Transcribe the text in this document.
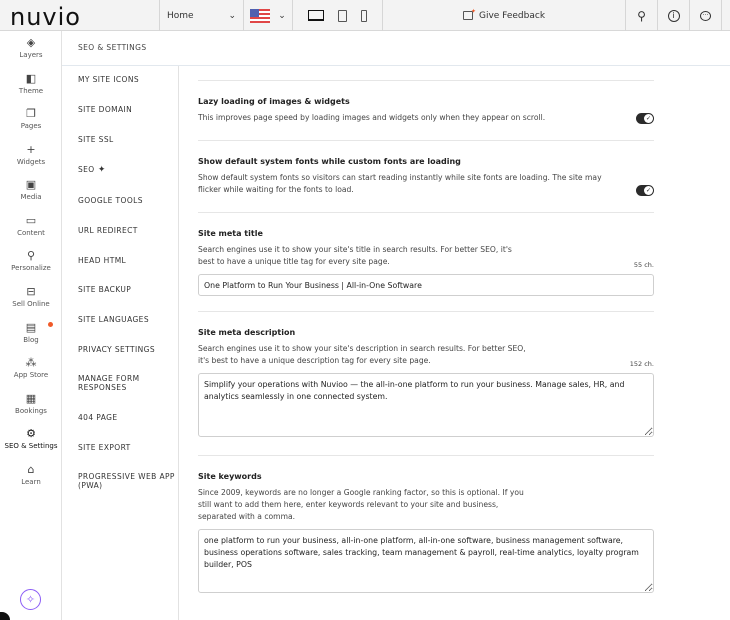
nuvio	Home	⌄	⌄	✦ Give Feedback	⚲	i	···
◈
Layers
◧
Theme
❐
Pages
+
Widgets
▣
Media
▭
Content
⚲
Personalize
⊟
Sell Online
▤
Blog
⁂
App Store
▦
Bookings
⚙
SEO & Settings
⌂
Learn
SEO & SETTINGS
MY SITE ICONS
SITE DOMAIN
SITE SSL
SEO ✦
GOOGLE TOOLS
URL REDIRECT
HEAD HTML
SITE BACKUP
SITE LANGUAGES
PRIVACY SETTINGS
MANAGE FORM RESPONSES
404 PAGE
SITE EXPORT
PROGRESSIVE WEB APP (PWA)
✧
Lazy loading of images & widgets
This improves page speed by loading images and widgets only when they appear on scroll.
✓
Show default system fonts while custom fonts are loading
Show default system fonts so visitors can start reading instantly while site fonts are loading. The site may flicker while waiting for the fonts to load.
✓
Site meta title
Search engines use it to show your site's title in search results. For better SEO, it's best to have a unique title tag for every site page.	55 ch.
One Platform to Run Your Business | All-in-One Software
Site meta description
Search engines use it to show your site's description in search results. For better SEO, it's best to have a unique description tag for every site page.	152 ch.
Simplify your operations with Nuvioo — the all-in-one platform to run your business. Manage sales, HR, and analytics seamlessly in one connected system.
Site keywords
Since 2009, keywords are no longer a Google ranking factor, so this is optional. If you still want to add them here, enter keywords relevant to your site and business, separated with a comma.
one platform to run your business, all-in-one platform, all-in-one software, business management software, business operations software, sales tracking, team management & payroll, real-time analytics, loyalty program builder, POS
